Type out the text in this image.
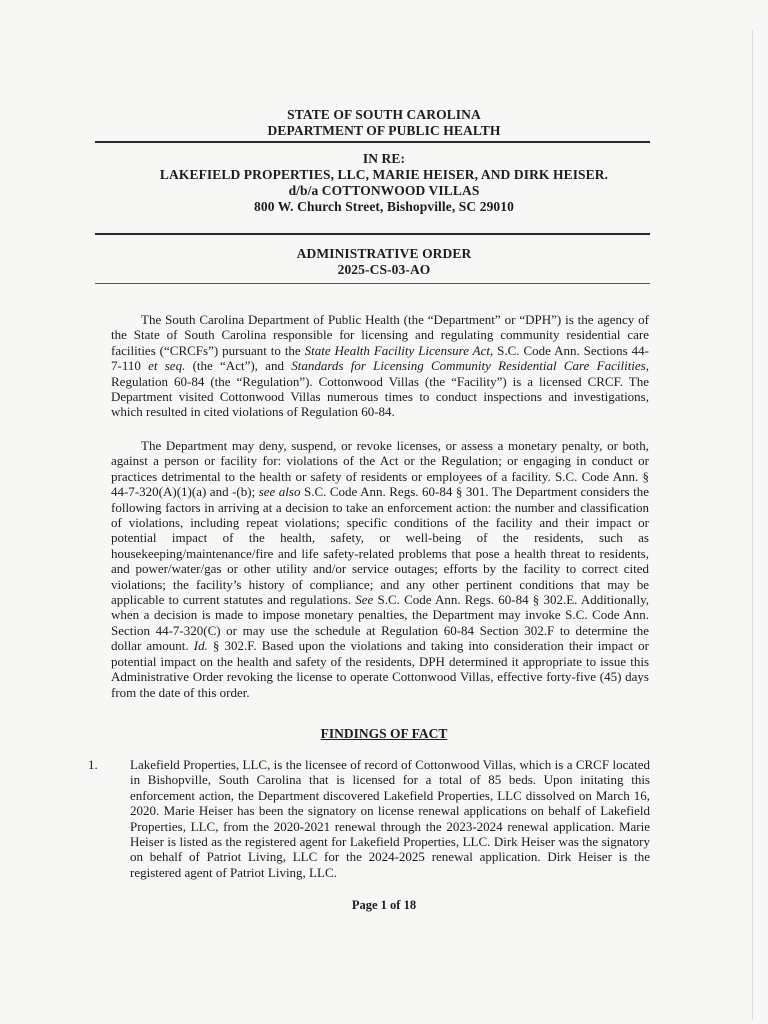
STATE OF SOUTH CAROLINA
DEPARTMENT OF PUBLIC HEALTH
IN RE:
LAKEFIELD PROPERTIES, LLC, MARIE HEISER, AND DIRK HEISER.
d/b/a COTTONWOOD VILLAS
800 W. Church Street, Bishopville, SC 29010
ADMINISTRATIVE ORDER
2025-CS-03-AO

The South Carolina Department of Public Health (the “Department” or “DPH”) is the agency of the State of South Carolina responsible for licensing and regulating community residential care facilities (“CRCFs”) pursuant to the State Health Facility Licensure Act, S.C. Code Ann. Sections 44-7-110 et seq. (the “Act”), and Standards for Licensing Community Residential Care Facilities, Regulation 60-84 (the “Regulation”). Cottonwood Villas (the “Facility”) is a licensed CRCF. The Department visited Cottonwood Villas numerous times to conduct inspections and investigations, which resulted in cited violations of Regulation 60-84.

The Department may deny, suspend, or revoke licenses, or assess a monetary penalty, or both, against a person or facility for: violations of the Act or the Regulation; or engaging in conduct or practices detrimental to the health or safety of residents or employees of a facility. S.C. Code Ann. § 44-7-320(A)(1)(a) and -(b); see also S.C. Code Ann. Regs. 60-84 § 301. The Department considers the following factors in arriving at a decision to take an enforcement action: the number and classification of violations, including repeat violations; specific conditions of the facility and their impact or potential impact of the health, safety, or well-being of the residents, such as housekeeping/maintenance/fire and life safety-related problems that pose a health threat to residents, and power/water/gas or other utility and/or service outages; efforts by the facility to correct cited violations; the facility’s history of compliance; and any other pertinent conditions that may be applicable to current statutes and regulations. See S.C. Code Ann. Regs. 60-84 § 302.E. Additionally, when a decision is made to impose monetary penalties, the Department may invoke S.C. Code Ann. Section 44-7-320(C) or may use the schedule at Regulation 60-84 Section 302.F to determine the dollar amount. Id. § 302.F. Based upon the violations and taking into consideration their impact or potential impact on the health and safety of the residents, DPH determined it appropriate to issue this Administrative Order revoking the license to operate Cottonwood Villas, effective forty-five (45) days from the date of this order.

FINDINGS OF FACT
1. Lakefield Properties, LLC, is the licensee of record of Cottonwood Villas, which is a CRCF located in Bishopville, South Carolina that is licensed for a total of 85 beds. Upon initating this enforcement action, the Department discovered Lakefield Properties, LLC dissolved on March 16, 2020. Marie Heiser has been the signatory on license renewal applications on behalf of Lakefield Properties, LLC, from the 2020-2021 renewal through the 2023-2024 renewal application. Marie Heiser is listed as the registered agent for Lakefield Properties, LLC. Dirk Heiser was the signatory on behalf of Patriot Living, LLC for the 2024-2025 renewal application. Dirk Heiser is the registered agent of Patriot Living, LLC.

Page 1 of 18
